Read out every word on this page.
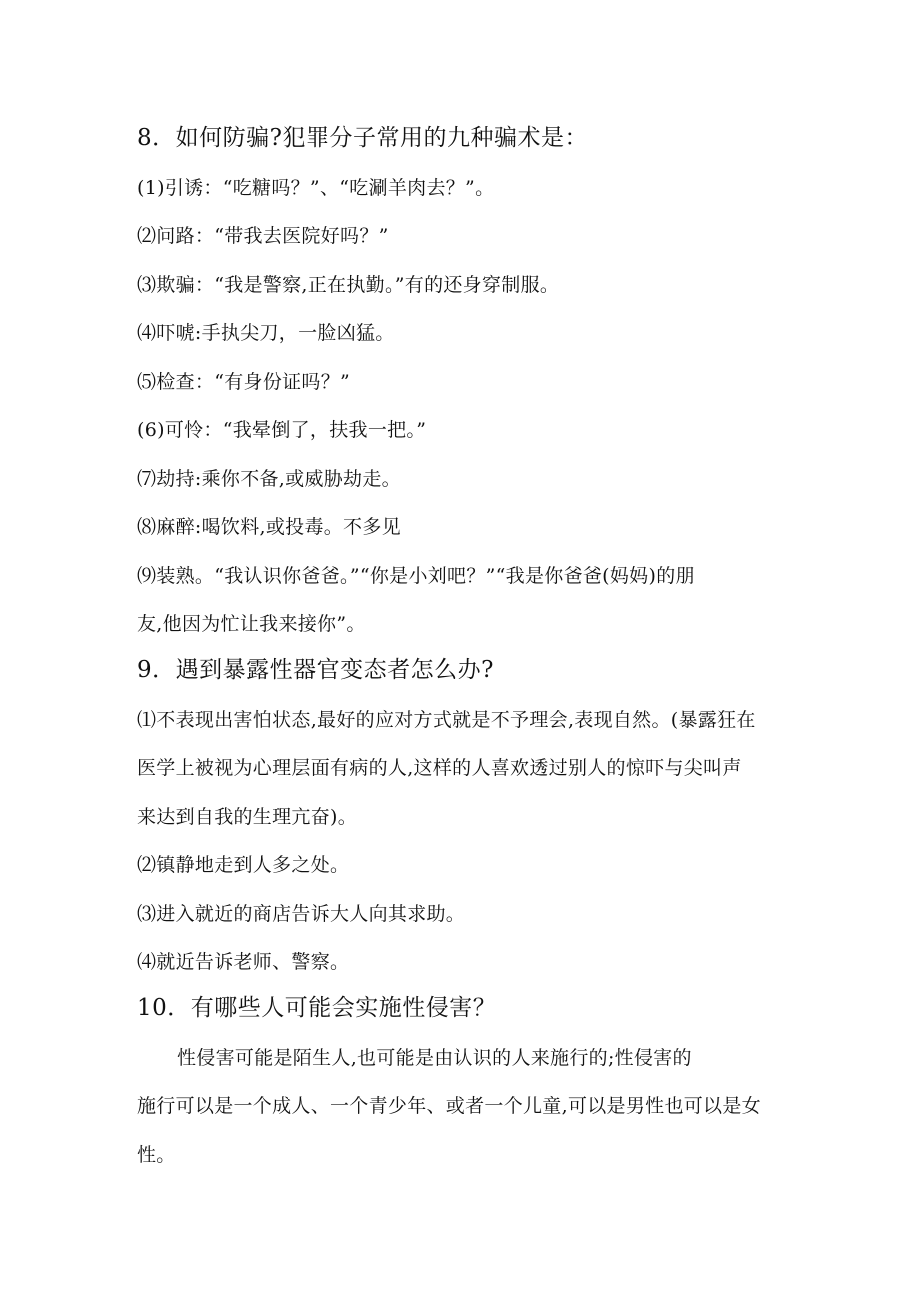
8．如何防骗?犯罪分子常用的九种骗术是：
(1)引诱：“吃糖吗？”、“吃涮羊肉去？”。
⑵问路：“带我去医院好吗？”
⑶欺骗：“我是警察,正在执勤。”有的还身穿制服。
⑷吓唬:手执尖刀，一脸凶猛。
⑸检查：“有身份证吗？”
(6)可怜：“我晕倒了，扶我一把。”
⑺劫持:乘你不备,或威胁劫走。
⑻麻醉:喝饮料,或投毒。不多见
⑼装熟。“我认识你爸爸。”“你是小刘吧？”“我是你爸爸(妈妈)的朋
友,他因为忙让我来接你”。
9．遇到暴露性器官变态者怎么办?
⑴不表现出害怕状态,最好的应对方式就是不予理会,表现自然。(暴露狂在
医学上被视为心理层面有病的人,这样的人喜欢透过别人的惊吓与尖叫声
来达到自我的生理亢奋)。
⑵镇静地走到人多之处。
⑶进入就近的商店告诉大人向其求助。
⑷就近告诉老师、警察。
10．有哪些人可能会实施性侵害？
性侵害可能是陌生人,也可能是由认识的人来施行的;性侵害的
施行可以是一个成人、一个青少年、或者一个儿童,可以是男性也可以是女
性。
